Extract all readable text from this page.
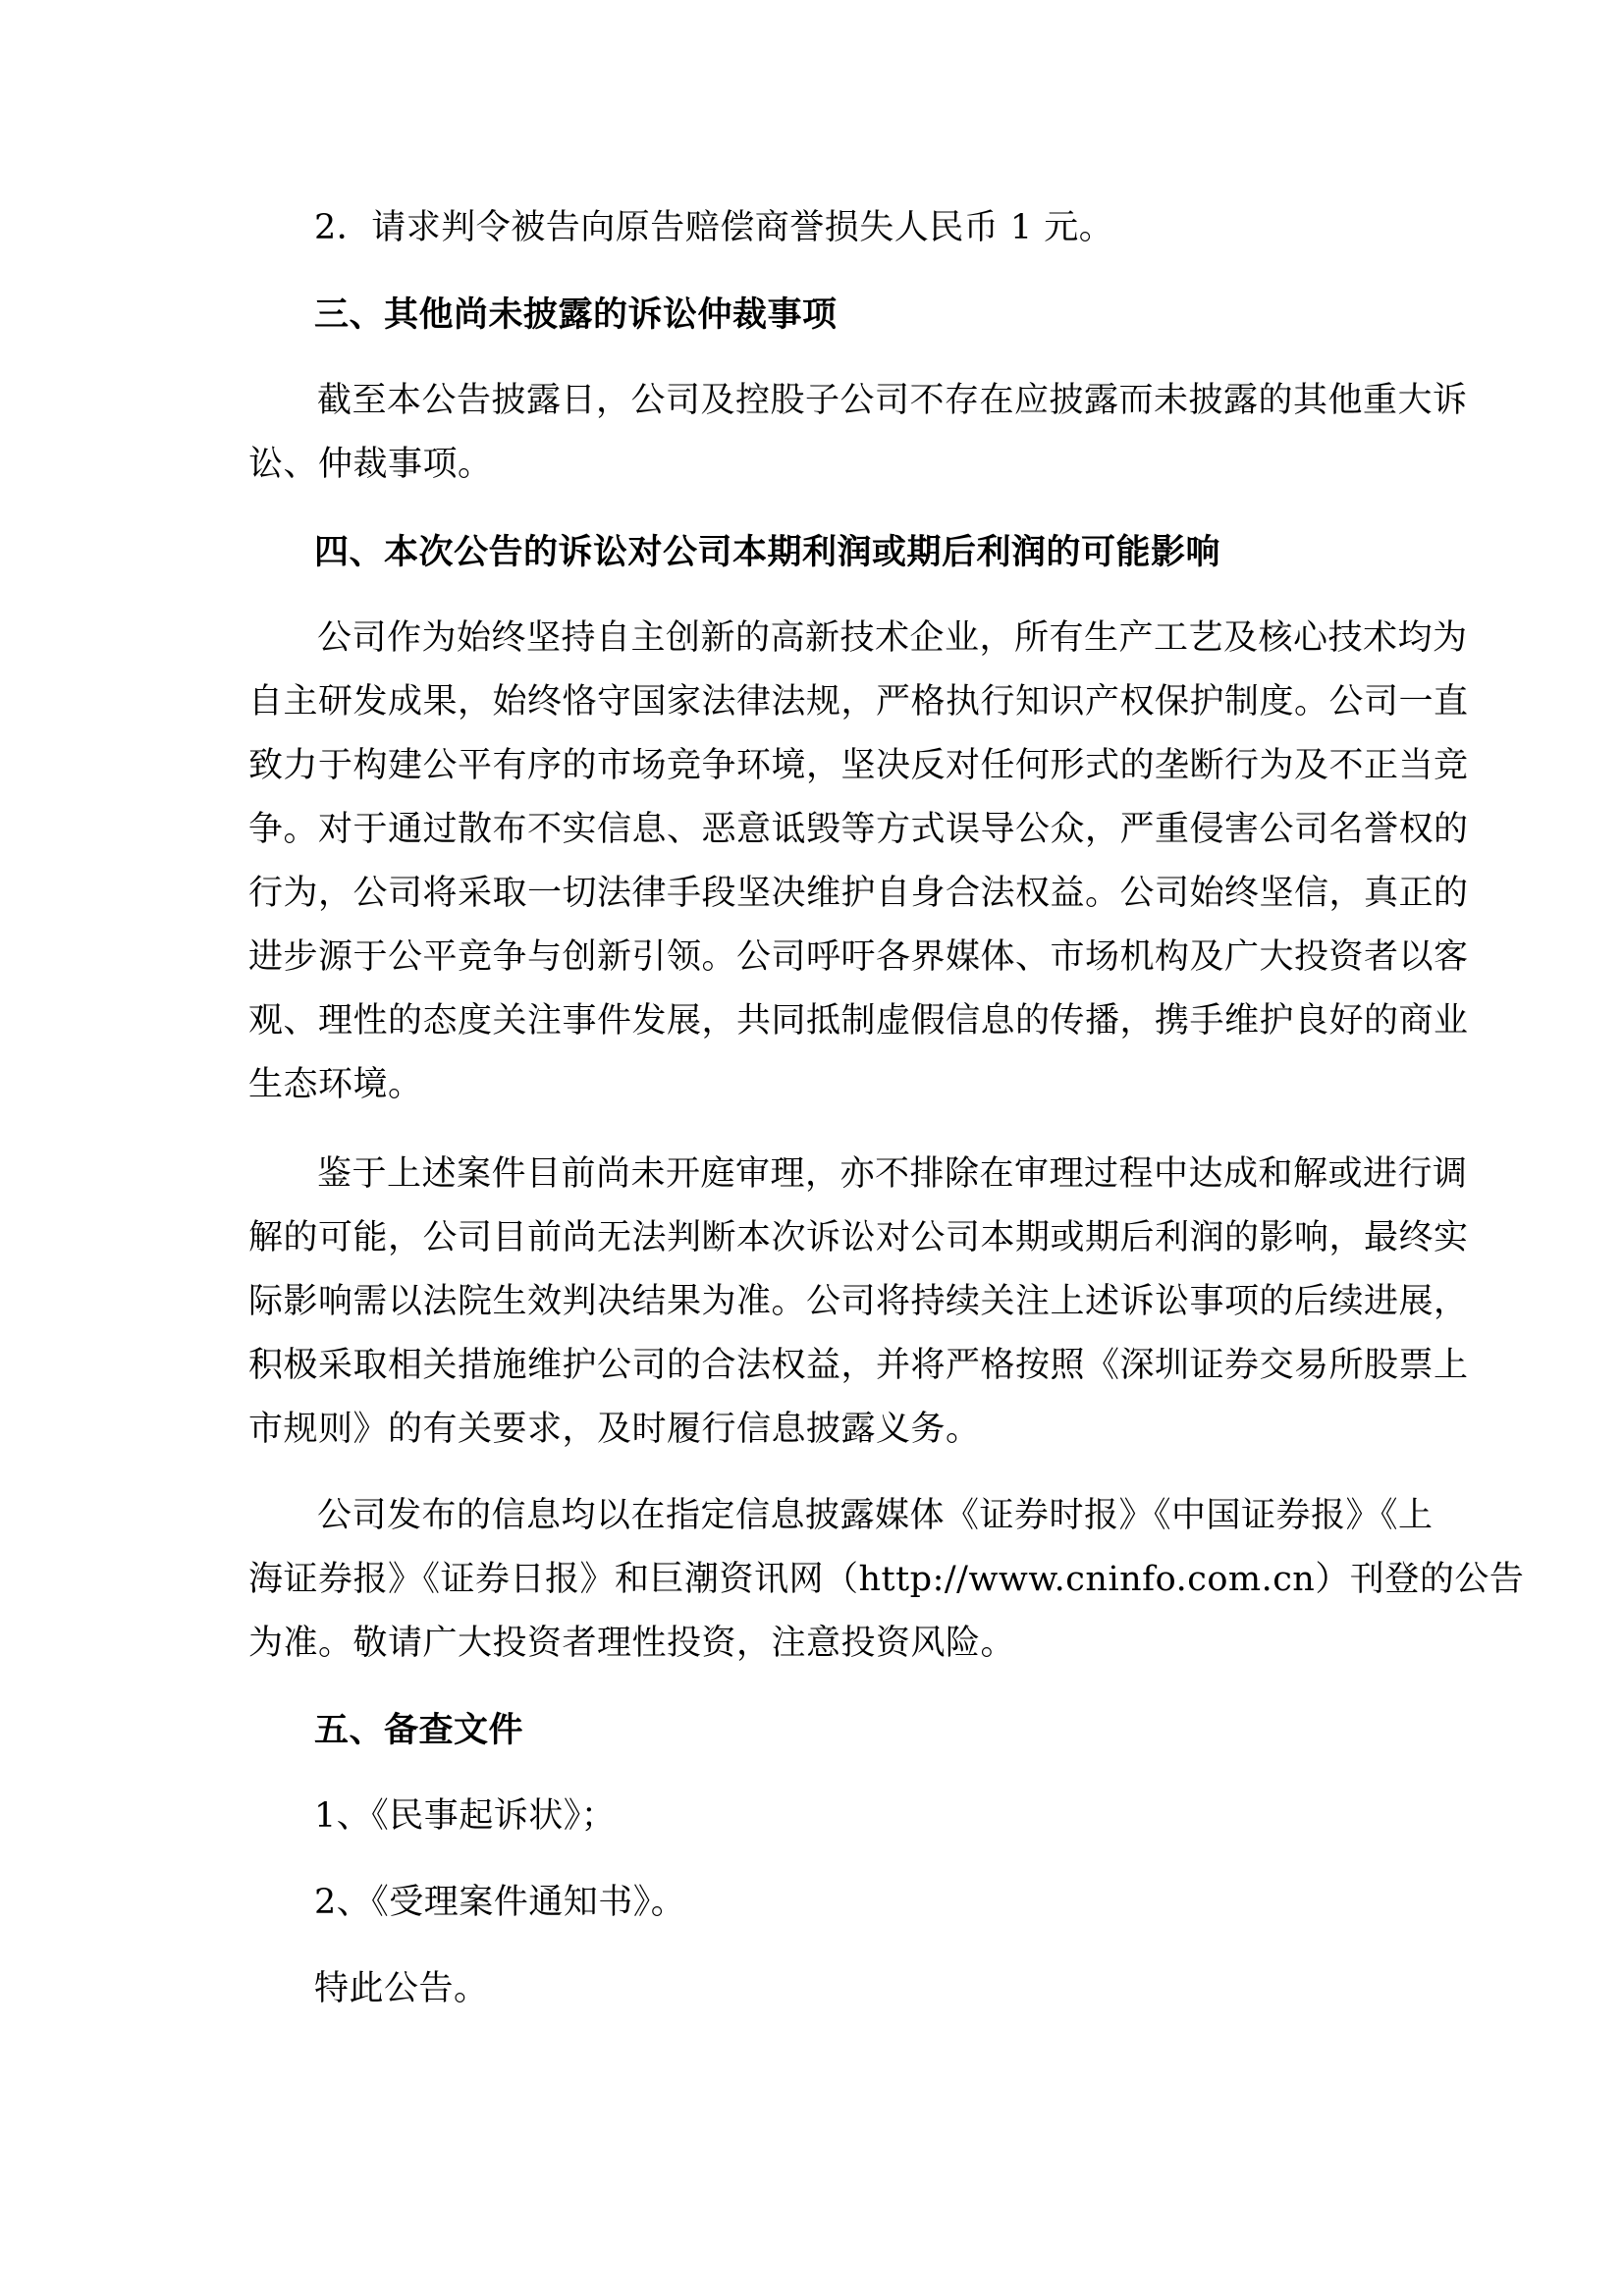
2．请求判令被告向原告赔偿商誉损失人民币 1 元。

三、其他尚未披露的诉讼仲裁事项

截至本公告披露日，公司及控股子公司不存在应披露而未披露的其他重大诉
讼、仲裁事项。

四、本次公告的诉讼对公司本期利润或期后利润的可能影响

公司作为始终坚持自主创新的高新技术企业，所有生产工艺及核心技术均为
自主研发成果，始终恪守国家法律法规，严格执行知识产权保护制度。公司一直
致力于构建公平有序的市场竞争环境，坚决反对任何形式的垄断行为及不正当竞
争。对于通过散布不实信息、恶意诋毁等方式误导公众，严重侵害公司名誉权的
行为，公司将采取一切法律手段坚决维护自身合法权益。公司始终坚信，真正的
进步源于公平竞争与创新引领。公司呼吁各界媒体、市场机构及广大投资者以客
观、理性的态度关注事件发展，共同抵制虚假信息的传播，携手维护良好的商业
生态环境。
鉴于上述案件目前尚未开庭审理，亦不排除在审理过程中达成和解或进行调
解的可能，公司目前尚无法判断本次诉讼对公司本期或期后利润的影响，最终实
际影响需以法院生效判决结果为准。公司将持续关注上述诉讼事项的后续进展，
积极采取相关措施维护公司的合法权益，并将严格按照《深圳证券交易所股票上
市规则》的有关要求，及时履行信息披露义务。
公司发布的信息均以在指定信息披露媒体《证券时报》《中国证券报》《上
海证券报》《证券日报》和巨潮资讯网（http://www.cninfo.com.cn）刊登的公告
为准。敬请广大投资者理性投资，注意投资风险。

五、备查文件

1、《民事起诉状》；

2、《受理案件通知书》。

特此公告。
